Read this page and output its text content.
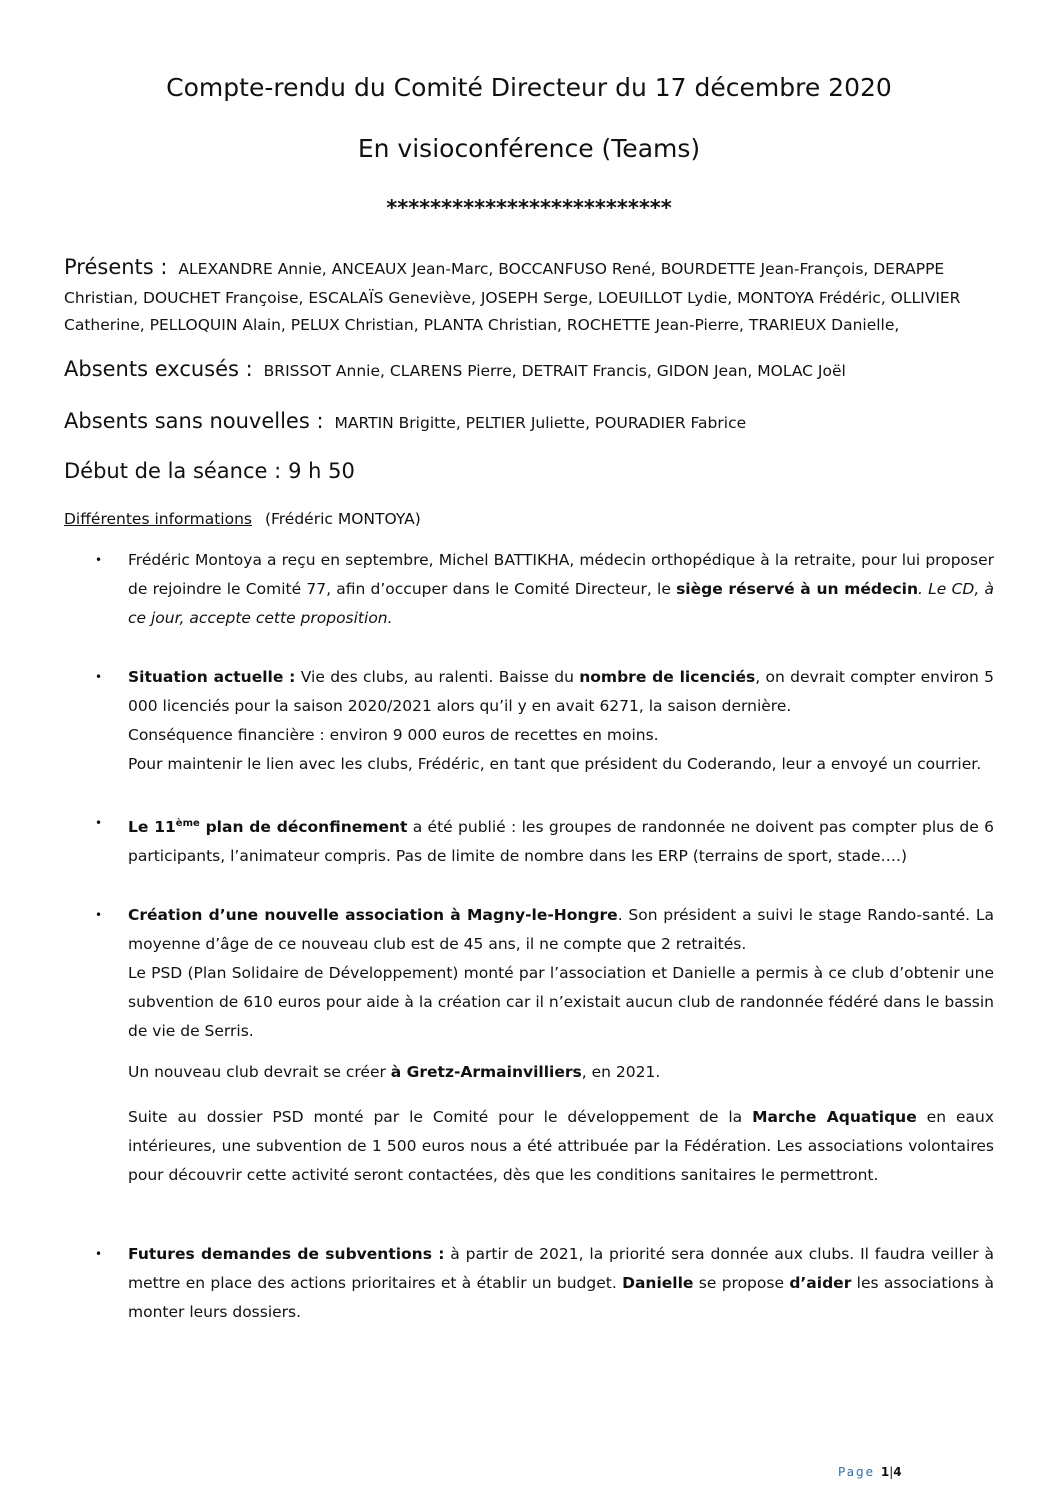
Compte-rendu du Comité Directeur du 17 décembre 2020
En visioconférence (Teams)
**************************
Présents : ALEXANDRE Annie, ANCEAUX Jean-Marc, BOCCANFUSO René, BOURDETTE Jean-François, DERAPPE
Christian, DOUCHET Françoise, ESCALAÏS Geneviève, JOSEPH Serge, LOEUILLOT Lydie, MONTOYA Frédéric, OLLIVIER
Catherine, PELLOQUIN Alain, PELUX Christian, PLANTA Christian, ROCHETTE Jean-Pierre, TRARIEUX Danielle,
Absents excusés : BRISSOT Annie, CLARENS Pierre, DETRAIT Francis, GIDON Jean, MOLAC Joël
Absents sans nouvelles : MARTIN Brigitte, PELTIER Juliette, POURADIER Fabrice
Début de la séance : 9 h 50
Différentes informations (Frédéric MONTOYA)
• Frédéric Montoya a reçu en septembre, Michel BATTIKHA, médecin orthopédique à la retraite, pour lui proposer de rejoindre le Comité 77, afin d’occuper dans le Comité Directeur, le siège réservé à un médecin. Le CD, à ce jour, accepte cette proposition.
• Situation actuelle : Vie des clubs, au ralenti. Baisse du nombre de licenciés, on devrait compter environ 5 000 licenciés pour la saison 2020/2021 alors qu’il y en avait 6271, la saison dernière.
Conséquence financière : environ 9 000 euros de recettes en moins.
Pour maintenir le lien avec les clubs, Frédéric, en tant que président du Coderando, leur a envoyé un courrier.
• Le 11ème plan de déconfinement a été publié : les groupes de randonnée ne doivent pas compter plus de 6 participants, l’animateur compris. Pas de limite de nombre dans les ERP (terrains de sport, stade….)
• Création d’une nouvelle association à Magny-le-Hongre. Son président a suivi le stage Rando-santé. La moyenne d’âge de ce nouveau club est de 45 ans, il ne compte que 2 retraités.
Le PSD (Plan Solidaire de Développement) monté par l’association et Danielle a permis à ce club d’obtenir une subvention de 610 euros pour aide à la création car il n’existait aucun club de randonnée fédéré dans le bassin de vie de Serris.
Un nouveau club devrait se créer à Gretz-Armainvilliers, en 2021.
Suite au dossier PSD monté par le Comité pour le développement de la Marche Aquatique en eaux intérieures, une subvention de 1 500 euros nous a été attribuée par la Fédération. Les associations volontaires pour découvrir cette activité seront contactées, dès que les conditions sanitaires le permettront.
• Futures demandes de subventions : à partir de 2021, la priorité sera donnée aux clubs. Il faudra veiller à mettre en place des actions prioritaires et à établir un budget. Danielle se propose d’aider les associations à monter leurs dossiers.
Page 1|4
